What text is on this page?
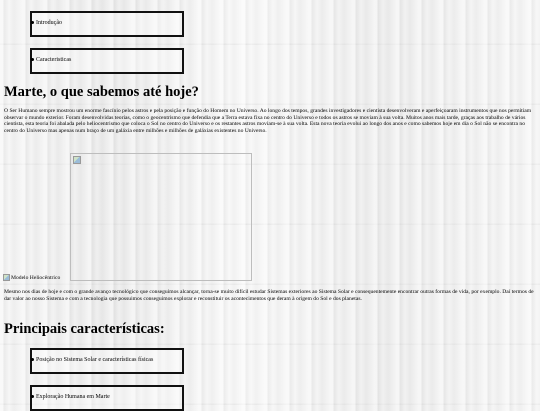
Introdução
Caracteristicas
Marte, o que sabemos até hoje?

O Ser Humano sempre mostrou um enorme fascínio pelos astros e pela posição e função do Homem no Universo. Ao longo dos tempos, grandes investigadores e cientista desenvolveram e aperfeiçoaram instrumentos que nos permitiam observar o mundo exterior. Foram desenvolvidas teorias, como o geocentrismo que defendia que a Terra estava fixa no centro do Universo e todos os astros se moviam à sua volta. Muitos anos mais tarde, graças aos trabalho de vários cientista, esta teoria foi abalada pelo heliocentrismo que coloca o Sol no centro do Universo e os restantes astros moviam-se à sua volta. Esta nova teoria evolui ao longo dos anos e como sabemos hoje em dia o Sol não se encontra no centro do Universo mas apenas num braço de um galáxia entre milhões e milhões de galáxias existentes no Universo.

Modelo Heliocêntrico

Mesmo nos dias de hoje e com o grande avanço tecnológico que conseguimos alcançar, torna-se muito difícil estudar Sistemas exteriores ao Sistema Solar e consequentemente encontrar outras formas de vida, por exemplo. Daí termos de dar valor ao nosso Sistema e com a tecnologia que possuimos conseguimos explorar e reconstituir os acontecimentos que deram à origem do Sol e dos planetas.

Principais características:
Posição no Sistema Solar e características físicas
Exploração Humana em Marte
